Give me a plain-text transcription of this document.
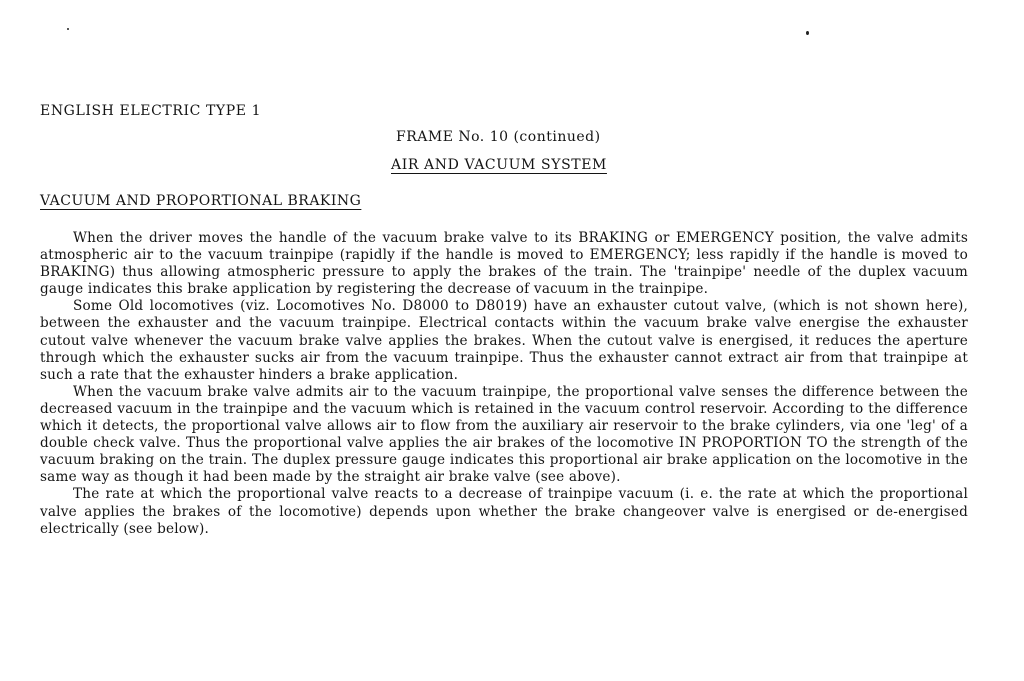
ENGLISH ELECTRIC TYPE 1
FRAME No. 10 (continued)
AIR AND VACUUM SYSTEM
VACUUM AND PROPORTIONAL BRAKING

When the driver moves the handle of the vacuum brake valve to its BRAKING or EMERGENCY position, the valve admits atmospheric air to the vacuum trainpipe (rapidly if the handle is moved to EMERGENCY; less rapidly if the handle is moved to BRAKING) thus allowing atmospheric pressure to apply the brakes of the train. The 'trainpipe' needle of the duplex vacuum gauge indicates this brake application by registering the decrease of vacuum in the trainpipe.

Some Old locomotives (viz. Locomotives No. D8000 to D8019) have an exhauster cutout valve, (which is not shown here), between the exhauster and the vacuum trainpipe. Electrical contacts within the vacuum brake valve energise the exhauster cutout valve whenever the vacuum brake valve applies the brakes. When the cutout valve is energised, it reduces the aperture through which the exhauster sucks air from the vacuum trainpipe. Thus the exhauster cannot extract air from that trainpipe at such a rate that the exhauster hinders a brake application.

When the vacuum brake valve admits air to the vacuum trainpipe, the proportional valve senses the difference between the decreased vacuum in the trainpipe and the vacuum which is retained in the vacuum control reservoir. According to the difference which it detects, the proportional valve allows air to flow from the auxiliary air reservoir to the brake cylinders, via one 'leg' of a double check valve. Thus the proportional valve applies the air brakes of the locomotive IN PROPORTION TO the strength of the vacuum braking on the train. The duplex pressure gauge indicates this proportional air brake application on the locomotive in the same way as though it had been made by the straight air brake valve (see above).

The rate at which the proportional valve reacts to a decrease of trainpipe vacuum (i. e. the rate at which the proportional valve applies the brakes of the locomotive) depends upon whether the brake changeover valve is energised or de-energised electrically (see below).
